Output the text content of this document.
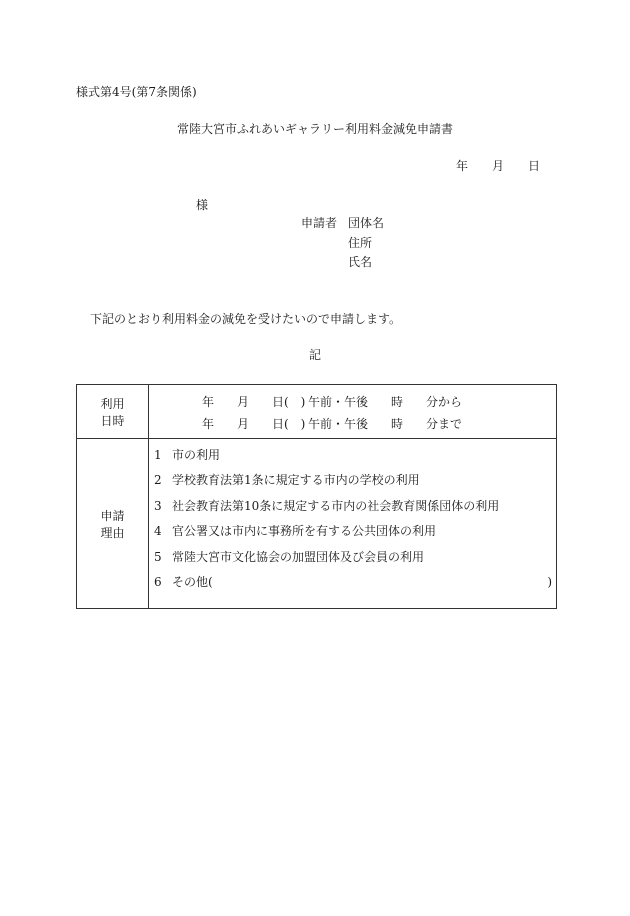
様式第4号(第7条関係)
常陸大宮市ふれあいギャラリー利用料金減免申請書
年 月 日
様
申請者 団体名
住所
氏名
下記のとおり利用料金の減免を受けたいので申請します。
記
利用
日時
年 月 日(　) 午前・午後 時 分から
年 月 日(　) 午前・午後 時 分まで
申請
理由
1 市の利用
2 学校教育法第1条に規定する市内の学校の利用
3 社会教育法第10条に規定する市内の社会教育関係団体の利用
4 官公署又は市内に事務所を有する公共団体の利用
5 常陸大宮市文化協会の加盟団体及び会員の利用
6 その他(	)
